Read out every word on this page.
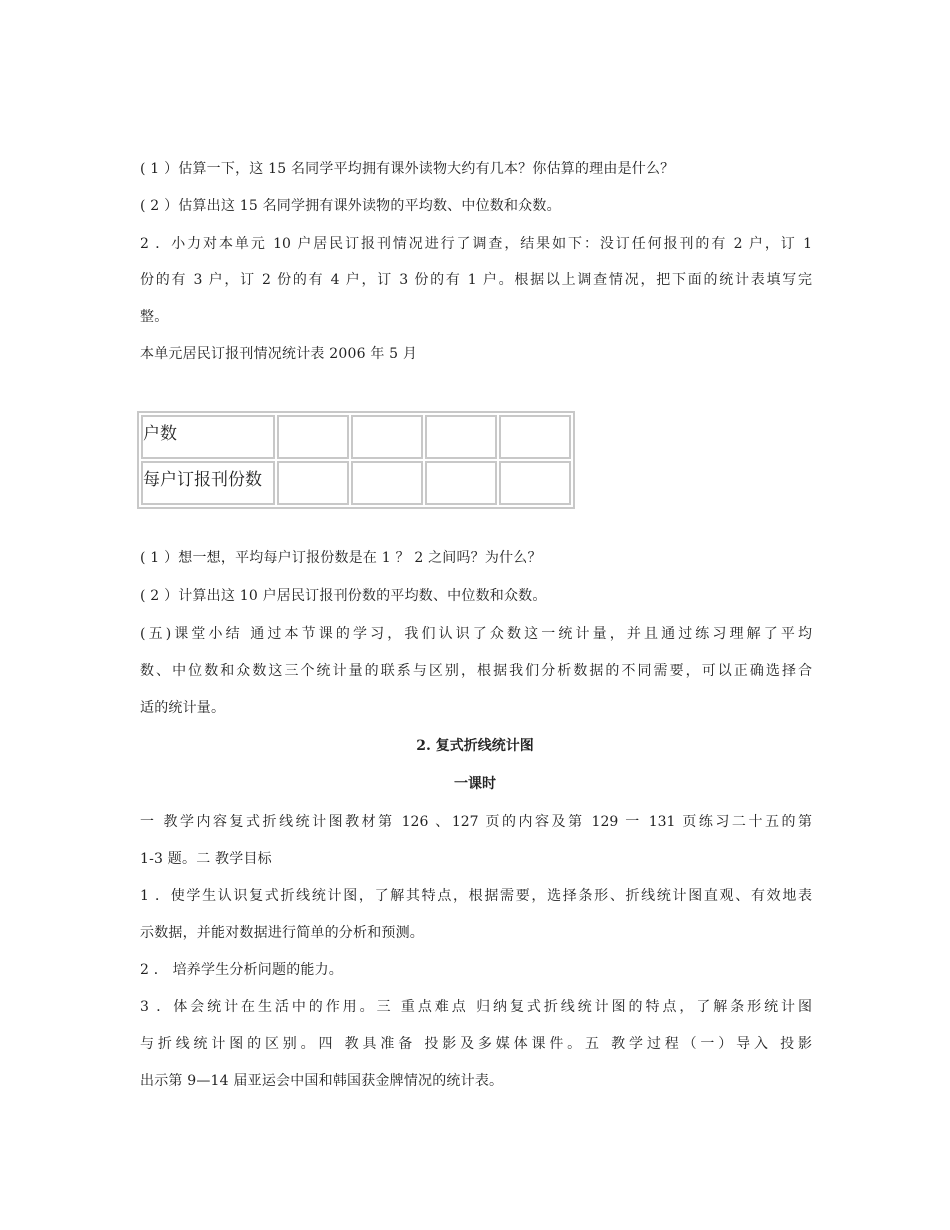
( 1 ）估算一下，这 15 名同学平均拥有课外读物大约有几本？你估算的理由是什么？
( 2 ）估算出这 15 名同学拥有课外读物的平均数、中位数和众数。
2 ．小力对本单元 10 户居民订报刊情况进行了调查，结果如下：没订任何报刊的有 2 户，订 1
份的有 3 户，订 2 份的有 4 户，订 3 份的有 1 户。根据以上调查情况，把下面的统计表填写完
整。
本单元居民订报刊情况统计表 2006 年 5 月
户数				
每户订报刊份数				
( 1 ）想一想，平均每户订报份数是在 1 ？ 2 之间吗？为什么？
( 2 ）计算出这 10 户居民订报刊份数的平均数、中位数和众数。
(五)课堂小结 通过本节课的学习，我们认识了众数这一统计量，并且通过练习理解了平均
数、中位数和众数这三个统计量的联系与区别，根据我们分析数据的不同需要，可以正确选择合
适的统计量。
2. 复式折线统计图
一课时
一 教学内容复式折线统计图教材第 126 、127 页的内容及第 129 一 131 页练习二十五的第
1-3 题。二 教学目标
1 ．使学生认识复式折线统计图，了解其特点，根据需要，选择条形、折线统计图直观、有效地表
示数据，并能对数据进行简单的分析和预测。
2 ． 培养学生分析问题的能力。
3 ．体会统计在生活中的作用。三 重点难点 归纳复式折线统计图的特点，了解条形统计图
与折线统计图的区别。四 教具准备 投影及多媒体课件。五 教学过程（一）导入 投影
出示第 9—14 届亚运会中国和韩国获金牌情况的统计表。
